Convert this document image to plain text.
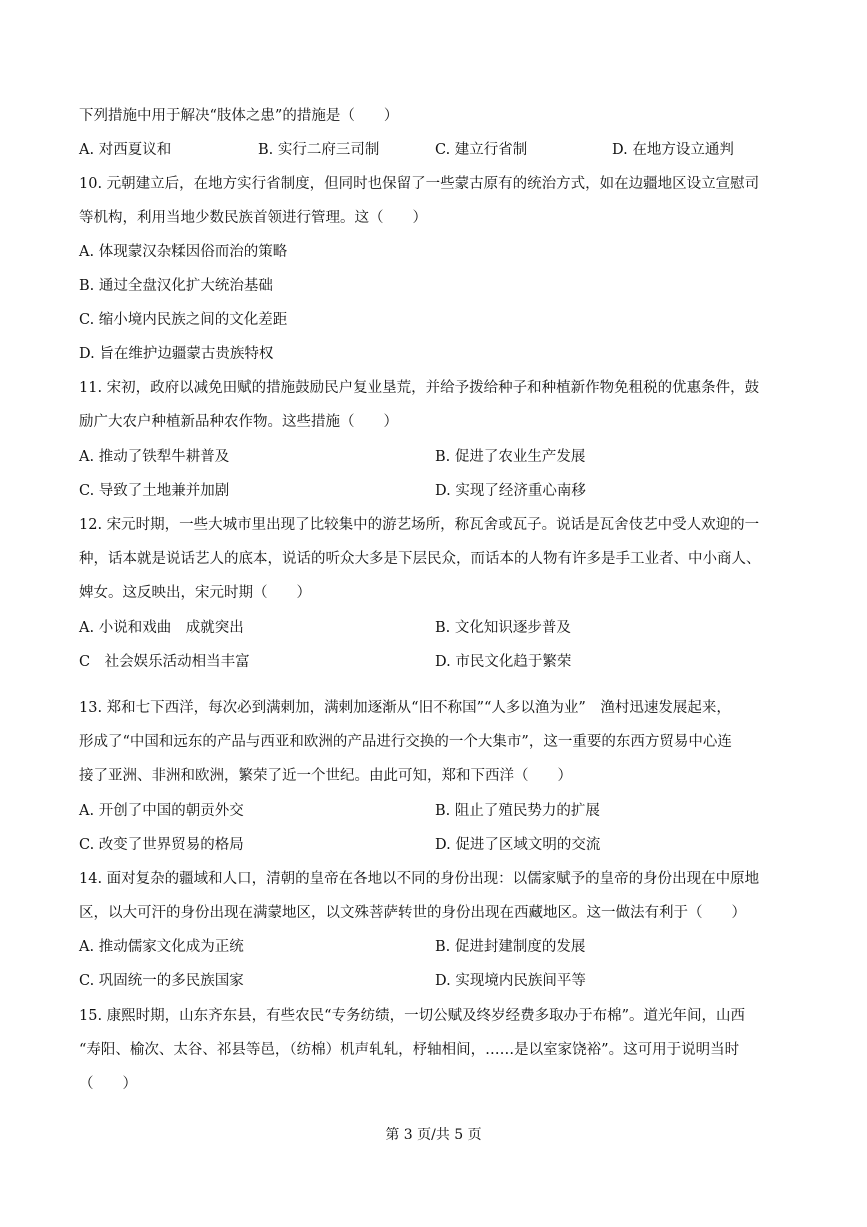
下列措施中用于解决“肢体之患”的措施是（　　）
A. 对西夏议和	B. 实行二府三司制	C. 建立行省制	D. 在地方设立通判
10. 元朝建立后，在地方实行省制度，但同时也保留了一些蒙古原有的统治方式，如在边疆地区设立宣慰司
等机构，利用当地少数民族首领进行管理。这（　　）
A. 体现蒙汉杂糅因俗而治的策略
B. 通过全盘汉化扩大统治基础
C. 缩小境内民族之间的文化差距
D. 旨在维护边疆蒙古贵族特权
11. 宋初，政府以减免田赋的措施鼓励民户复业垦荒，并给予拨给种子和种植新作物免租税的优惠条件，鼓
励广大农户种植新品种农作物。这些措施（　　）
A. 推动了铁犁牛耕普及	B. 促进了农业生产发展
C. 导致了土地兼并加剧	D. 实现了经济重心南移
12. 宋元时期，一些大城市里出现了比较集中的游艺场所，称瓦舍或瓦子。说话是瓦舍伎艺中受人欢迎的一
种，话本就是说话艺人的底本，说话的听众大多是下层民众，而话本的人物有许多是手工业者、中小商人、
婢女。这反映出，宋元时期（　　）
A. 小说和戏曲　成就突出	B. 文化知识逐步普及
C　社会娱乐活动相当丰富	D. 市民文化趋于繁荣
13. 郑和七下西洋，每次必到满剌加，满剌加逐渐从“旧不称国”“人多以渔为业”　渔村迅速发展起来，
形成了“中国和远东的产品与西亚和欧洲的产品进行交换的一个大集市”，这一重要的东西方贸易中心连
接了亚洲、非洲和欧洲，繁荣了近一个世纪。由此可知，郑和下西洋（　　）
A. 开创了中国的朝贡外交	B. 阻止了殖民势力的扩展
C. 改变了世界贸易的格局	D. 促进了区域文明的交流
14. 面对复杂的疆域和人口，清朝的皇帝在各地以不同的身份出现：以儒家赋予的皇帝的身份出现在中原地
区，以大可汗的身份出现在满蒙地区，以文殊菩萨转世的身份出现在西藏地区。这一做法有利于（　　）
A. 推动儒家文化成为正统	B. 促进封建制度的发展
C. 巩固统一的多民族国家	D. 实现境内民族间平等
15. 康熙时期，山东齐东县，有些农民“专务纺绩，一切公赋及终岁经费多取办于布棉”。道光年间，山西
“寿阳、榆次、太谷、祁县等邑，（纺棉）机声轧轧，杼轴相间，……是以室家饶裕”。这可用于说明当时
（　　）
第 3 页/共 5 页
